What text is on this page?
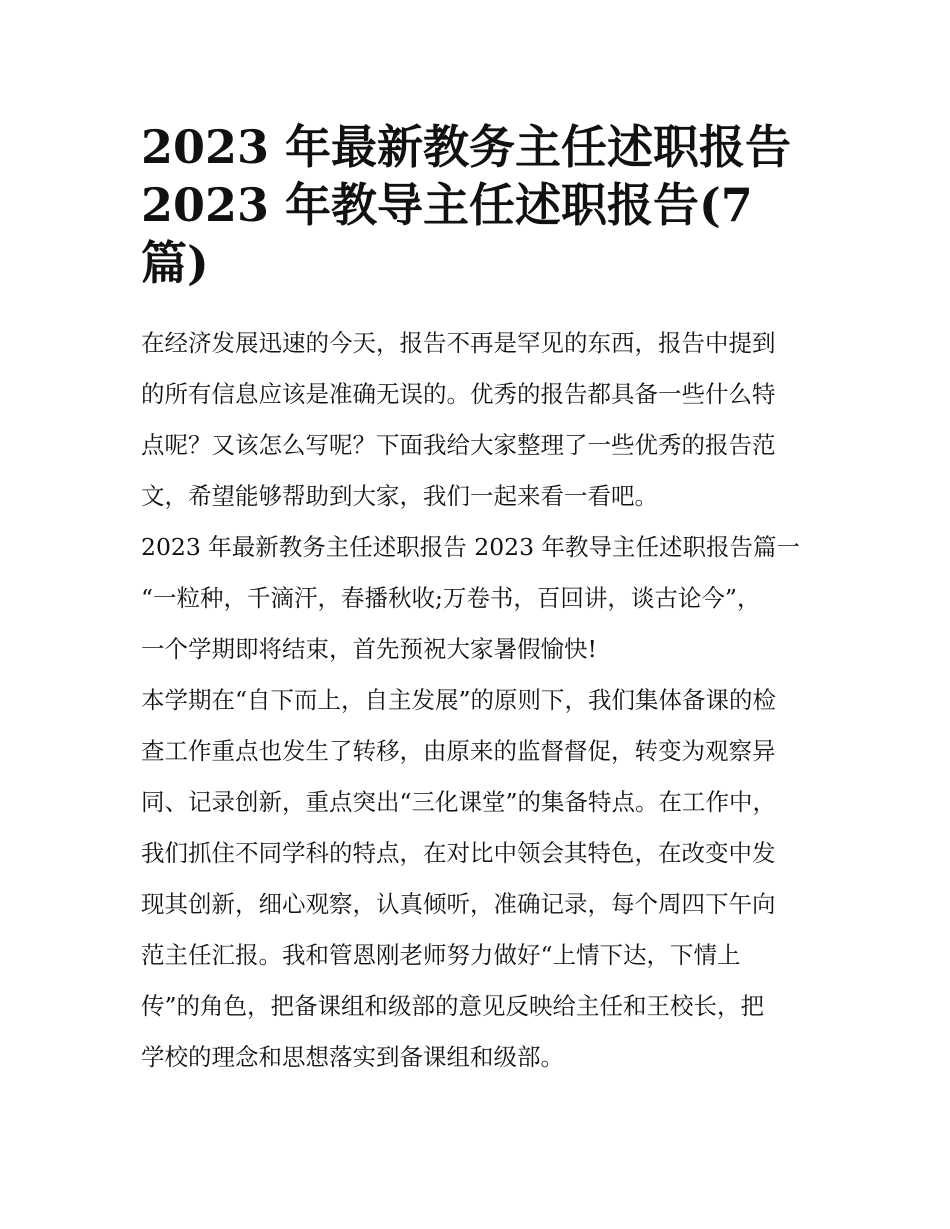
2023 年最新教务主任述职报告
2023 年教导主任述职报告(7
篇)

在经济发展迅速的今天，报告不再是罕见的东西，报告中提到
的所有信息应该是准确无误的。优秀的报告都具备一些什么特
点呢？又该怎么写呢？下面我给大家整理了一些优秀的报告范
文，希望能够帮助到大家，我们一起来看一看吧。

2023 年最新教务主任述职报告 2023 年教导主任述职报告篇一

“一粒种，千滴汗，春播秋收;万卷书，百回讲，谈古论今”，
一个学期即将结束，首先预祝大家暑假愉快!

本学期在“自下而上，自主发展”的原则下，我们集体备课的检
查工作重点也发生了转移，由原来的监督督促，转变为观察异
同、记录创新，重点突出“三化课堂”的集备特点。在工作中，
我们抓住不同学科的特点，在对比中领会其特色，在改变中发
现其创新，细心观察，认真倾听，准确记录，每个周四下午向
范主任汇报。我和管恩刚老师努力做好“上情下达，下情上
传”的角色，把备课组和级部的意见反映给主任和王校长，把
学校的理念和思想落实到备课组和级部。
